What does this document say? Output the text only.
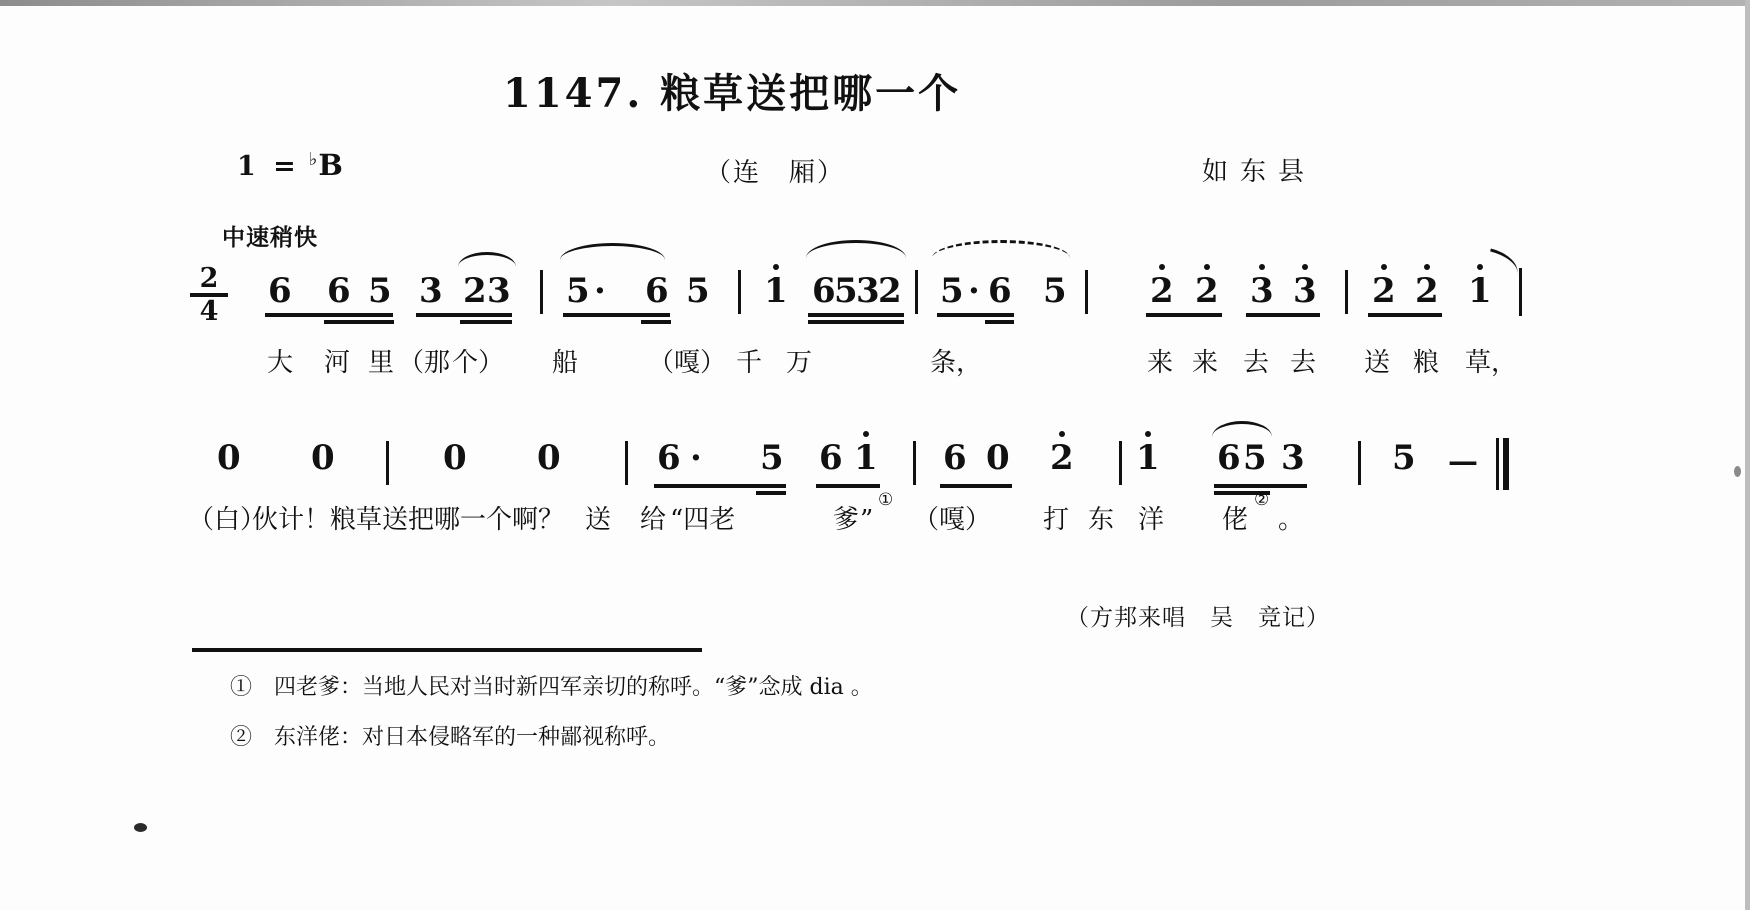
1147. 粮草送把哪一个
1 = ♭B	（连　厢）	如东县
中速稍快
$\frac{2}{4} 6$ 6 5 3 2 3 5 · 6 5 1 6
5
3
2 5 · 6 5 2 2 3 3 2 2 1
大 河 里 （那 个） 船	（嘎） 千 万	条，	来 来 去 去 送 粮 草，
0 0	0 0	6 · 5 6 1 6 0 2 1 6 5 3	5 —
（白）
伙计！粮草送把哪一个啊？ 送 给 “四老	爹 ”
①
（嘎） 打 东 洋 佬
②
。
（方邦来唱　吴　竞记）
①　四老爹：当地人民对当时新四军亲切的称呼。“爹”念成 dia 。
②　东洋佬：对日本侵略军的一种鄙视称呼。
